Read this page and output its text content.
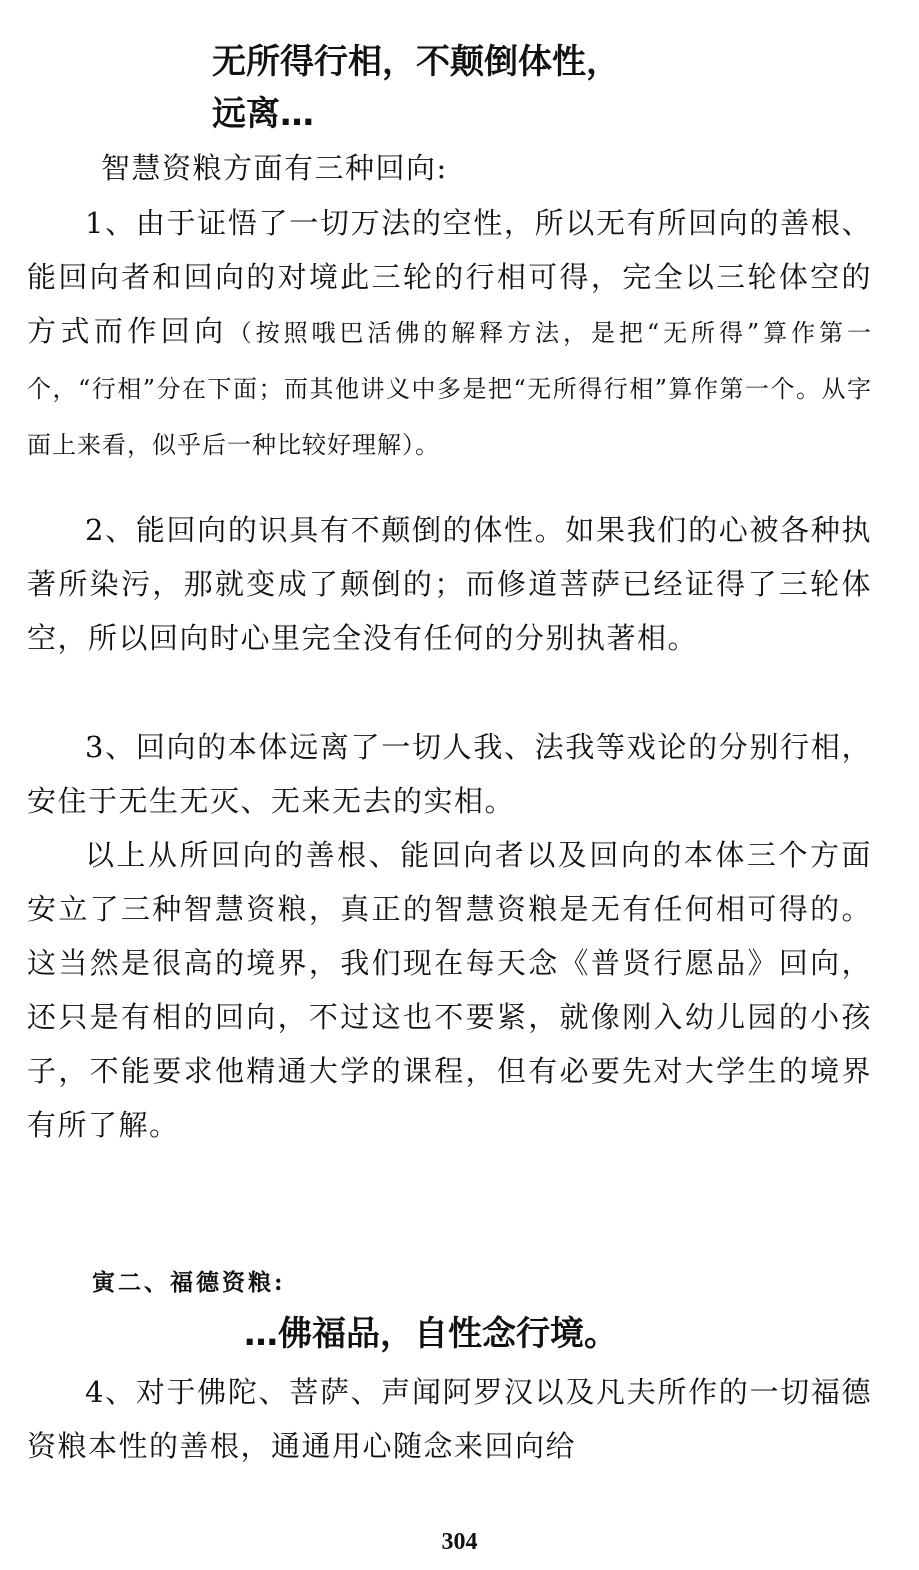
无所得行相，不颠倒体性，
远离…

智慧资粮方面有三种回向:

1、由于证悟了一切万法的空性，所以无有所回向的善根、能回向者和回向的对境此三轮的行相可得，完全以三轮体空的方式而作回向（按照哦巴活佛的解释方法，是把“无所得”算作第一个，“行相”分在下面；而其他讲义中多是把“无所得行相”算作第一个。从字面上来看，似乎后一种比较好理解）。

2、能回向的识具有不颠倒的体性。如果我们的心被各种执著所染污，那就变成了颠倒的；而修道菩萨已经证得了三轮体空，所以回向时心里完全没有任何的分别执著相。

3、回向的本体远离了一切人我、法我等戏论的分别行相，安住于无生无灭、无来无去的实相。

以上从所回向的善根、能回向者以及回向的本体三个方面安立了三种智慧资粮，真正的智慧资粮是无有任何相可得的。这当然是很高的境界，我们现在每天念《普贤行愿品》回向，还只是有相的回向，不过这也不要紧，就像刚入幼儿园的小孩子，不能要求他精通大学的课程，但有必要先对大学生的境界有所了解。

寅二、福德资粮:
…佛福品，自性念行境。

4、对于佛陀、菩萨、声闻阿罗汉以及凡夫所作的一切福德资粮本性的善根，通通用心随念来回向给

304
